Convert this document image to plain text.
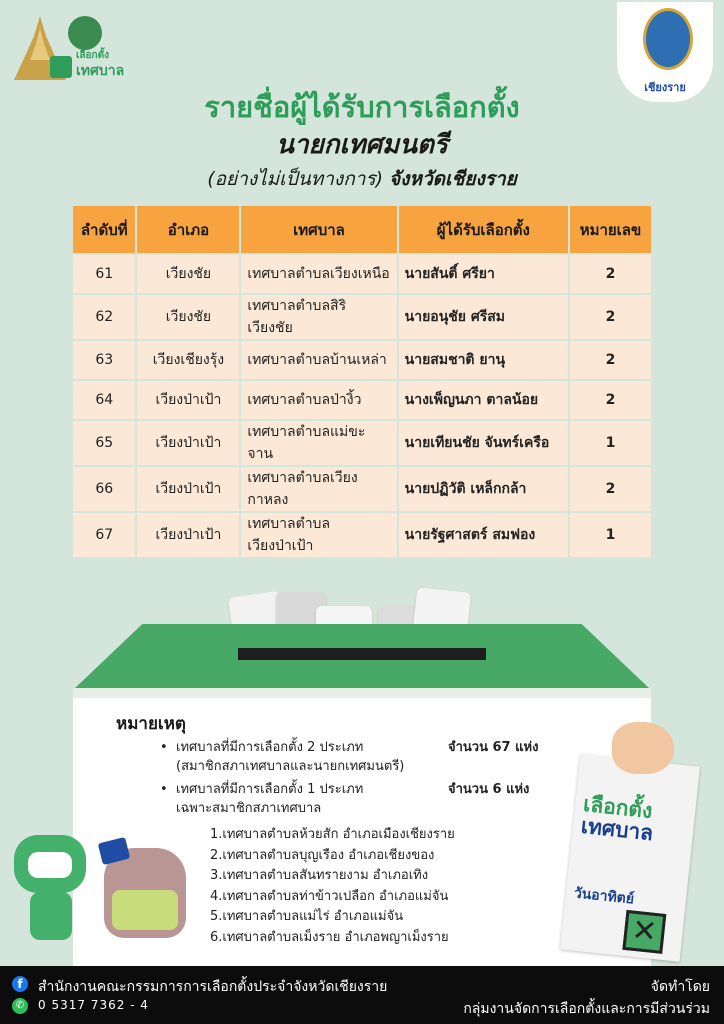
เลือกตั้ง
เทศบาล
เชียงราย
รายชื่อผู้ได้รับการเลือกตั้ง
นายกเทศมนตรี
(อย่างไม่เป็นทางการ) จังหวัดเชียงราย
ลำดับที่	อำเภอ	เทศบาล	ผู้ได้รับเลือกตั้ง	หมายเลข
61	เวียงชัย	เทศบาลตำบลเวียงเหนือ	นายสันติ์ ศรียา	2
62	เวียงชัย	เทศบาลตำบลสิริเวียงชัย	นายอนุชัย ศรีสม	2
63	เวียงเชียงรุ้ง	เทศบาลตำบลบ้านเหล่า	นายสมชาติ ยานุ	2
64	เวียงป่าเป้า	เทศบาลตำบลป่างิ้ว	นางเพ็ญนภา ตาลน้อย	2
65	เวียงป่าเป้า	เทศบาลตำบลแม่ขะจาน	นายเทียนชัย จันทร์เครือ	1
66	เวียงป่าเป้า	เทศบาลตำบลเวียงกาหลง	นายปฏิวัติ เหล็กกล้า	2
67	เวียงป่าเป้า	เทศบาลตำบลเวียงป่าเป้า	นายรัฐศาสตร์ สมฟอง	1
หมายเหตุ
• เทศบาลที่มีการเลือกตั้ง 2 ประเภท
(สมาชิกสภาเทศบาลและนายกเทศมนตรี)
จำนวน 67 แห่ง
• เทศบาลที่มีการเลือกตั้ง 1 ประเภท
เฉพาะสมาชิกสภาเทศบาล
จำนวน 6 แห่ง
1.เทศบาลตำบลห้วยสัก อำเภอเมืองเชียงราย
2.เทศบาลตำบลบุญเรือง อำเภอเชียงของ
3.เทศบาลตำบลสันทรายงาม อำเภอเทิง
4.เทศบาลตำบลท่าข้าวเปลือก อำเภอแม่จัน
5.เทศบาลตำบลแม่ไร่ อำเภอแม่จัน
6.เทศบาลตำบลเม็งราย อำเภอพญาเม็งราย
เลือกตั้ง
เทศบาล
วันอาทิตย์
✕
f
✆
สำนักงานคณะกรรมการการเลือกตั้งประจำจังหวัดเชียงราย
0 5317 7362 - 4
จัดทำโดย
กลุ่มงานจัดการเลือกตั้งและการมีส่วนร่วม
